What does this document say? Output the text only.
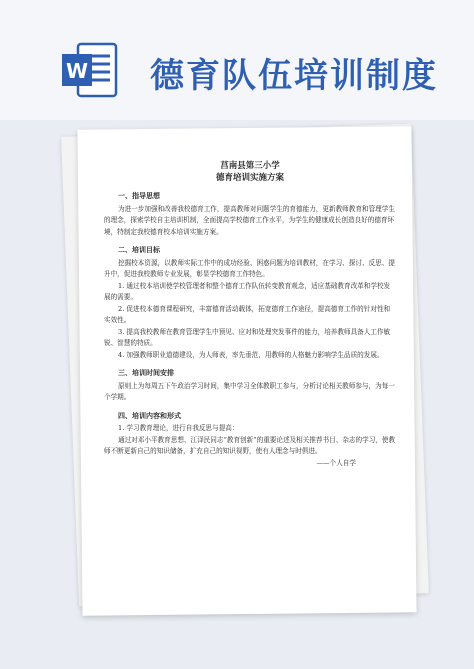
W 德育队伍培训制度
莒南县第三小学
德育培训实施方案
一、指导思想

为进一步加强和改善我校德育工作，提高教师对问题学生的育德能力，更新教师教育和管理学生的理念，探索学校自主培训机制，全面提高学校德育工作水平，为学生的健康成长创造良好的德育环境，特制定我校德育校本培训实施方案。

二、培训目标

挖掘校本资源，以教师实际工作中的成功经验、困惑问题为培训教材，在学习、探讨、反思、提升中，促进我校教师专业发展，彰显学校德育工作特色。

1. 通过校本培训使学校管理者和整个德育工作队伍转变教育观念，适应基础教育改革和学校发展的需要。

2. 促进校本德育课程研究，丰富德育活动载体，拓宽德育工作途径，提高德育工作的针对性和实效性。

3. 提高我校教师在教育管理学生中预见、应对和处理突发事件的能力，培养教师具备人工作敏锐、智慧的特质。

4. 加强教师职业道德建设，为人师表，率先垂范，用教师的人格魅力影响学生品质的发展。

三、培训时间安排

原则上为每周五下午政治学习时间，集中学习全体教职工参与，分析讨论相关教师参与，为每一个学期。

四、培训内容和形式

1. 学习教育理论，进行自我反思与提高：

通过对邓小平教育思想、江泽民同志“教育创新”的重要论述及相关推荐书目、杂志的学习，使教师不断更新自己的知识储备，扩充自己的知识视野，使有人理念与时俱进。

——个人自学
